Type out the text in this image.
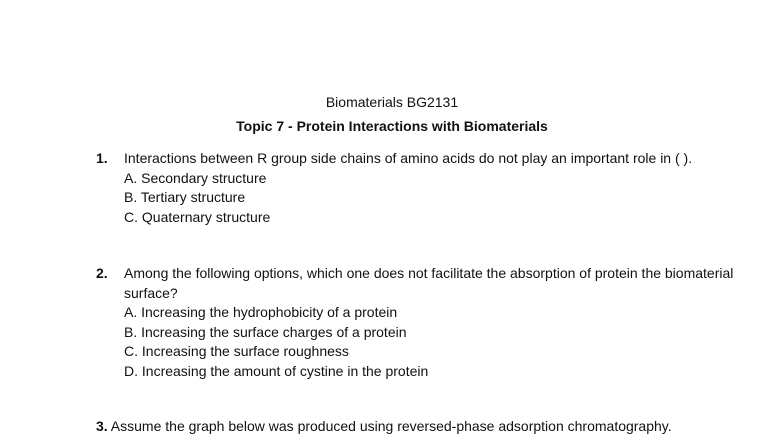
Biomaterials BG2131
Topic 7 - Protein Interactions with Biomaterials
1. Interactions between R group side chains of amino acids do not play an important role in ( ).
A. Secondary structure
B. Tertiary structure
C. Quaternary structure
2. Among the following options, which one does not facilitate the absorption of protein the biomaterial surface?
A. Increasing the hydrophobicity of a protein
B. Increasing the surface charges of a protein
C. Increasing the surface roughness
D. Increasing the amount of cystine in the protein
3. Assume the graph below was produced using reversed-phase adsorption chromatography.
